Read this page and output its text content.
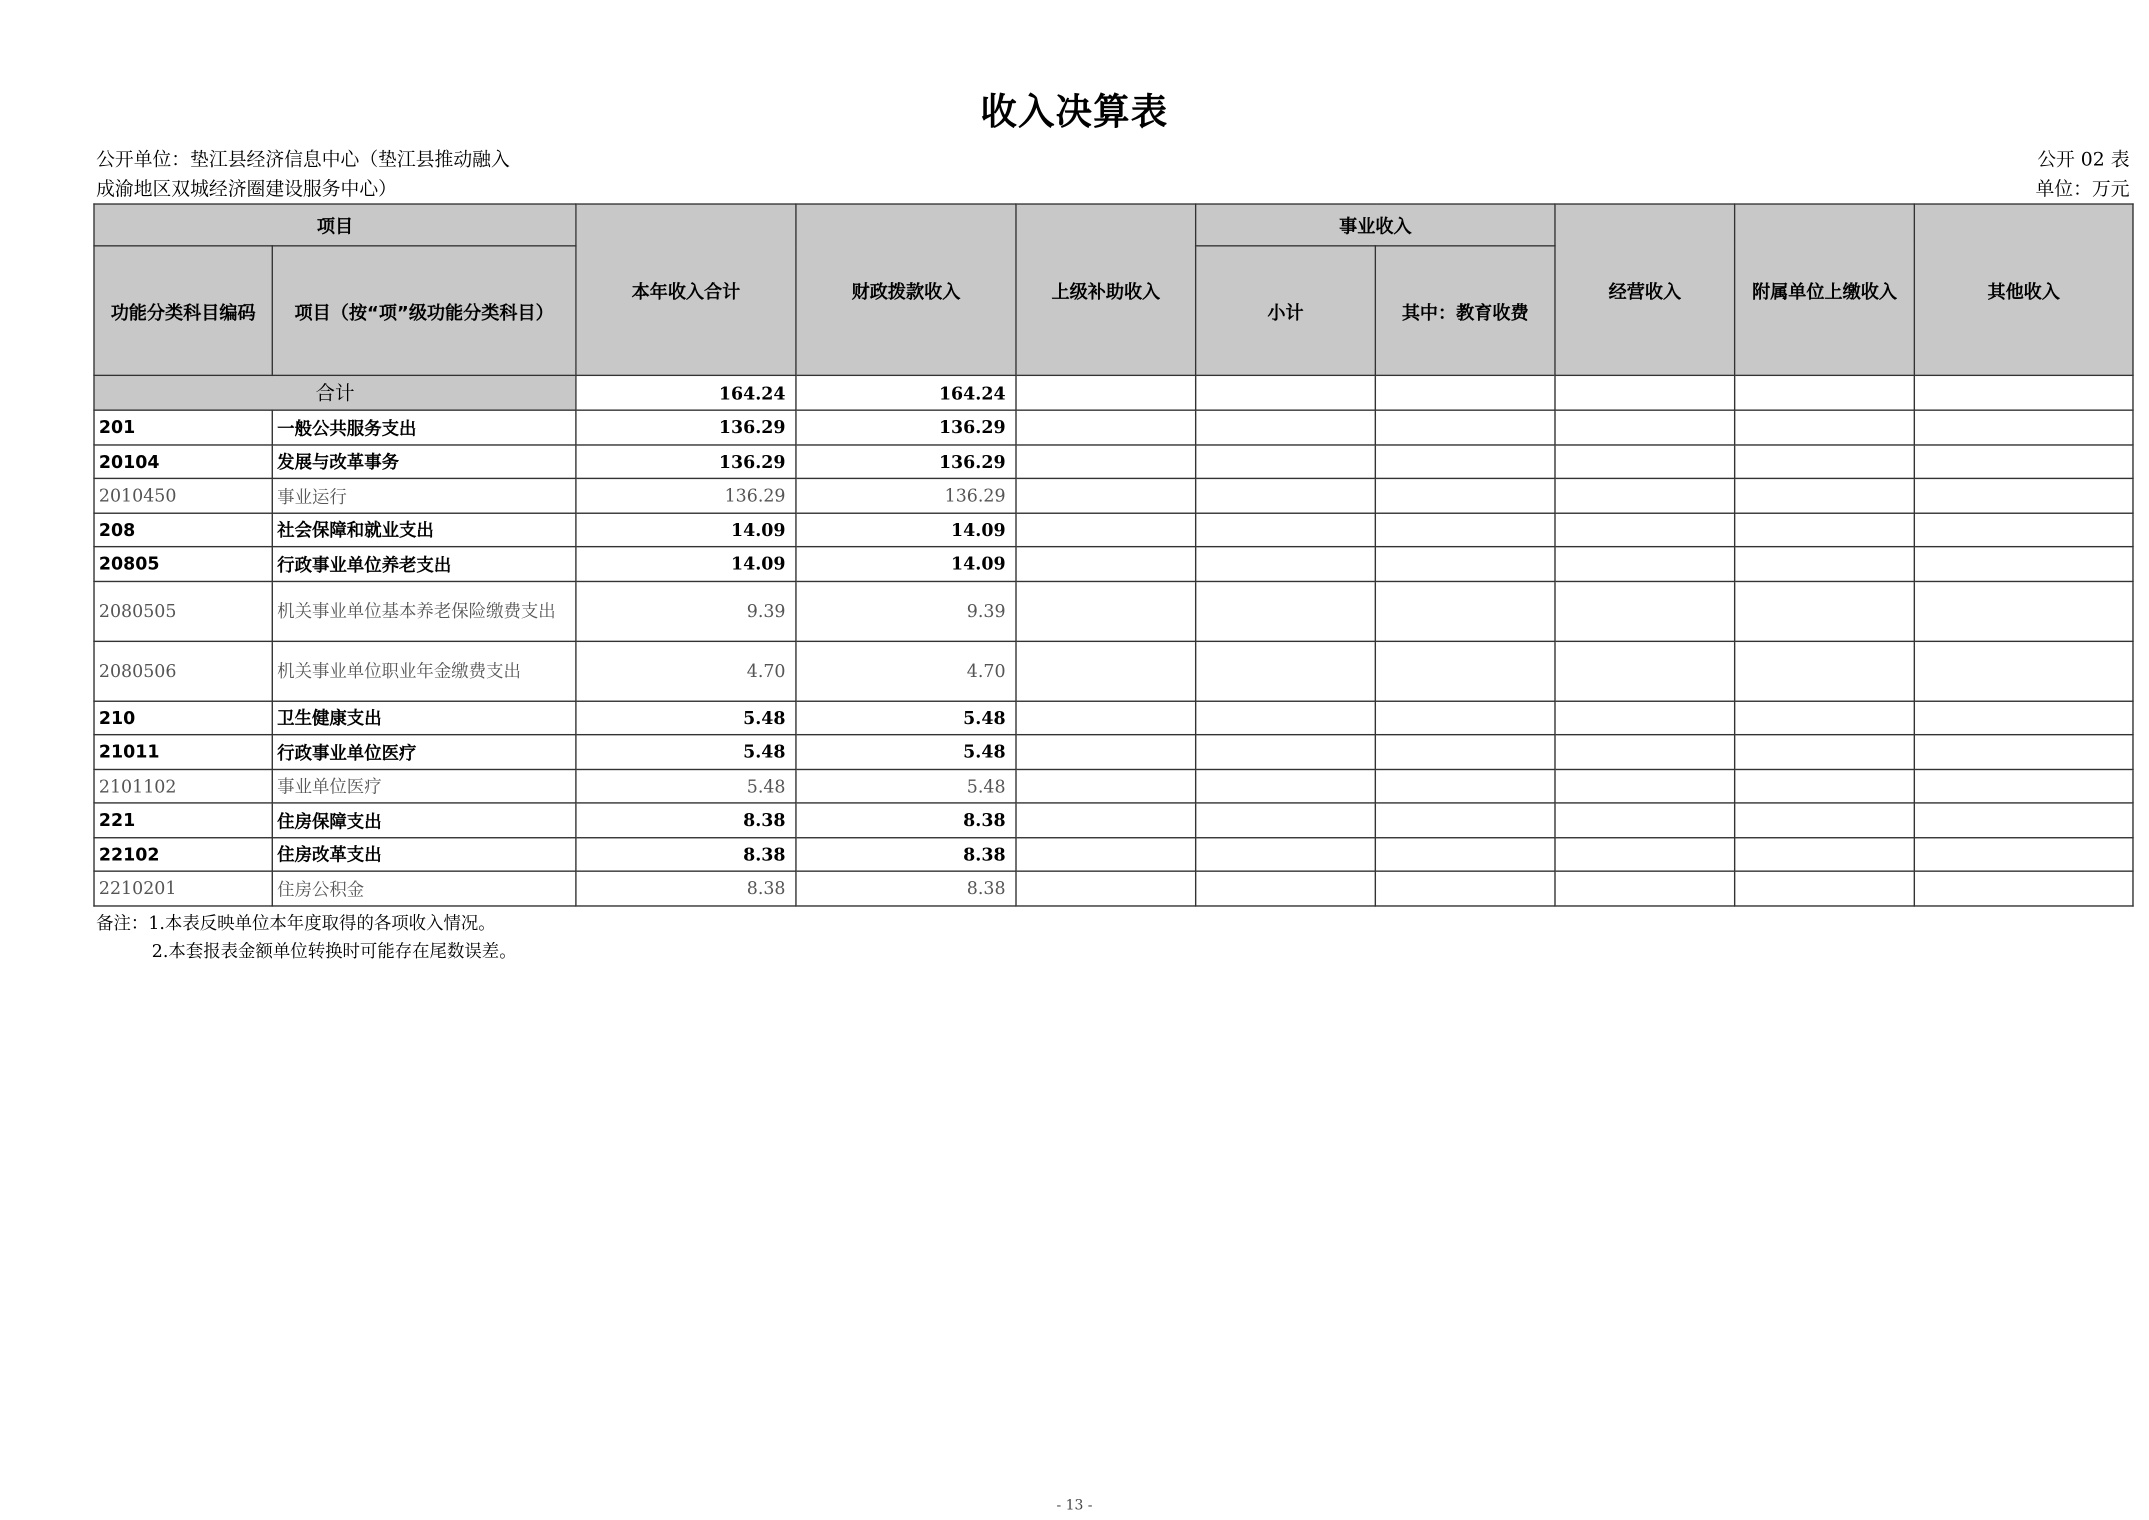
收入决算表
公开单位：垫江县经济信息中心（垫江县推动融入
成渝地区双城经济圈建设服务中心）
公开 02 表
单位：万元
项目		本年收入合计	财政拨款收入	上级补助收入	事业收入		经营收入	附属单位上缴收入	其他收入
功能分类科目编码	项目（按“项”级功能分类科目）				小计	其中：教育收费			
合计		164.24	164.24						
201	一般公共服务支出	136.29	136.29						
20104	发展与改革事务	136.29	136.29						
2010450	事业运行	136.29	136.29						
208	社会保障和就业支出	14.09	14.09						
20805	行政事业单位养老支出	14.09	14.09						
2080505	机关事业单位基本养老保险缴费支出	9.39	9.39						
2080506	机关事业单位职业年金缴费支出	4.70	4.70						
210	卫生健康支出	5.48	5.48						
21011	行政事业单位医疗	5.48	5.48						
2101102	事业单位医疗	5.48	5.48						
221	住房保障支出	8.38	8.38						
22102	住房改革支出	8.38	8.38						
2210201	住房公积金	8.38	8.38						
备注：1.本表反映单位本年度取得的各项收入情况。
2.本套报表金额单位转换时可能存在尾数误差。
- 13 -
